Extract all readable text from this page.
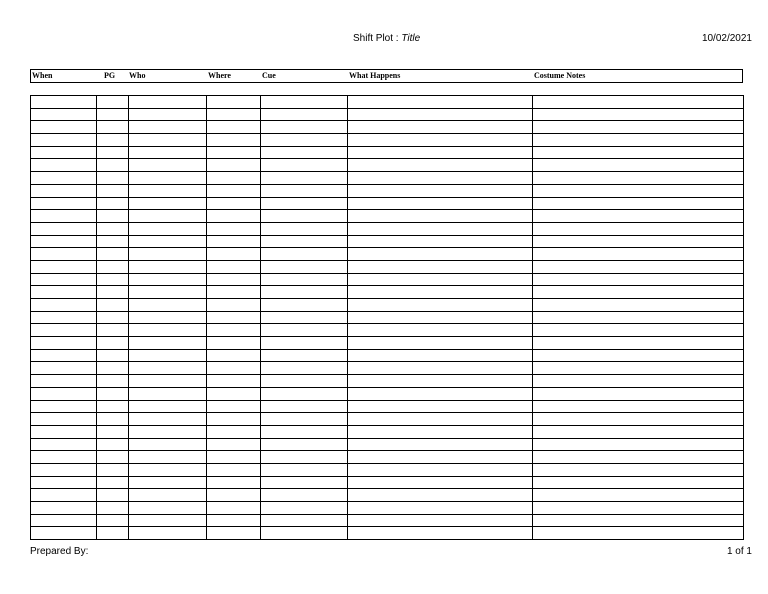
Shift Plot : Title	10/02/2021
When	PG	Who	Where	Cue	What Happens	Costume Notes

Prepared By:	1 of 1
